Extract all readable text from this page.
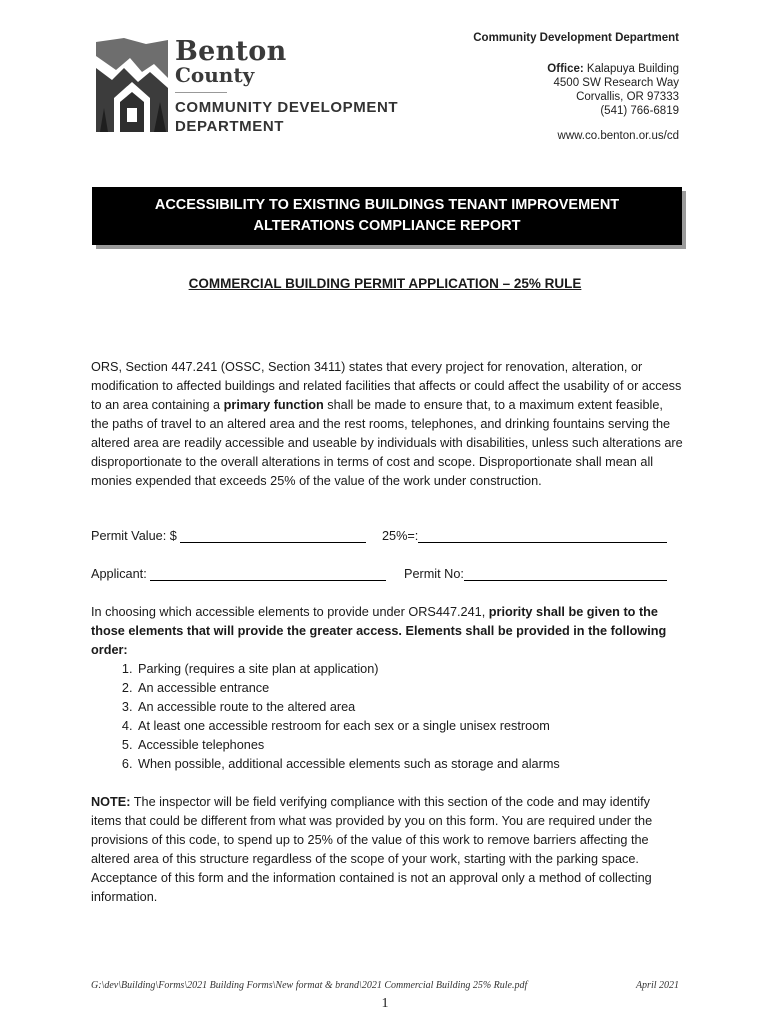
Benton
County
COMMUNITY DEVELOPMENT
DEPARTMENT
Community Development Department
Office: Kalapuya Building
4500 SW Research Way
Corvallis, OR 97333
(541) 766-6819
www.co.benton.or.us/cd
ACCESSIBILITY TO EXISTING BUILDINGS TENANT IMPROVEMENT
ALTERATIONS COMPLIANCE REPORT
COMMERCIAL BUILDING PERMIT APPLICATION – 25% RULE
ORS, Section 447.241 (OSSC, Section 3411) states that every project for renovation, alteration, or modification to affected buildings and related facilities that affects or could affect the usability of or access to an area containing a primary function shall be made to ensure that, to a maximum extent feasible, the paths of travel to an altered area and the rest rooms, telephones, and drinking fountains serving the altered area are readily accessible and useable by individuals with disabilities, unless such alterations are disproportionate to the overall alterations in terms of cost and scope. Disproportionate shall mean all monies expended that exceeds 25% of the value of the work under construction.
Permit Value: $	25%=:
Applicant:	Permit No:
In choosing which accessible elements to provide under ORS447.241, priority shall be given to the those elements that will provide the greater access. Elements shall be provided in the following order:
1. Parking (requires a site plan at application)
2. An accessible entrance
3. An accessible route to the altered area
4. At least one accessible restroom for each sex or a single unisex restroom
5. Accessible telephones
6. When possible, additional accessible elements such as storage and alarms
NOTE: The inspector will be field verifying compliance with this section of the code and may identify items that could be different from what was provided by you on this form. You are required under the provisions of this code, to spend up to 25% of the value of this work to remove barriers affecting the altered area of this structure regardless of the scope of your work, starting with the parking space. Acceptance of this form and the information contained is not an approval only a method of collecting information.
G:\dev\Building\Forms\2021 Building Forms\New format & brand\2021 Commercial Building 25% Rule.pdf	April 2021
1
